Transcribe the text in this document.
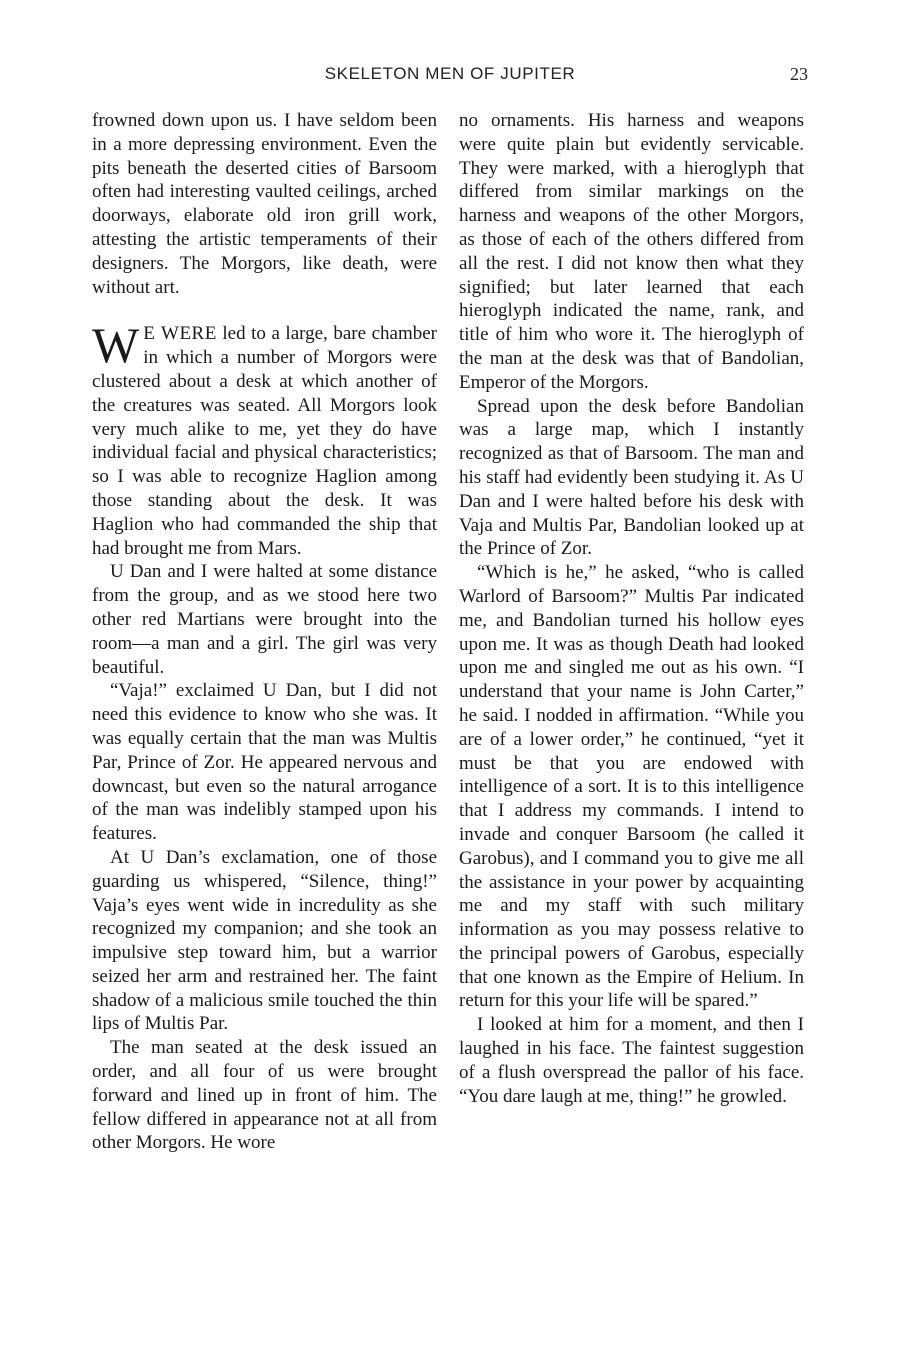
SKELETON MEN OF JUPITER	23

frowned down upon us. I have seldom been in a more depressing environment. Even the pits beneath the deserted cities of Barsoom often had interesting vaulted ceilings, arched doorways, elaborate old iron grill work, attesting the artistic temperaments of their designers. The Morgors, like death, were without art.

W E WERE led to a large, bare chamber in which a number of Morgors were clustered about a desk at which another of the creatures was seated. All Morgors look very much alike to me, yet they do have individual facial and physical characteristics; so I was able to recognize Haglion among those standing about the desk. It was Haglion who had commanded the ship that had brought me from Mars.

U Dan and I were halted at some distance from the group, and as we stood here two other red Martians were brought into the room—a man and a girl. The girl was very beautiful.

“Vaja!” exclaimed U Dan, but I did not need this evidence to know who she was. It was equally certain that the man was Multis Par, Prince of Zor. He appeared nervous and downcast, but even so the natural arrogance of the man was indelibly stamped upon his features.

At U Dan’s exclamation, one of those guarding us whispered, “Silence, thing!” Vaja’s eyes went wide in incredulity as she recognized my companion; and she took an impulsive step toward him, but a warrior seized her arm and restrained her. The faint shadow of a malicious smile touched the thin lips of Multis Par.

The man seated at the desk issued an order, and all four of us were brought forward and lined up in front of him. The fellow differed in appearance not at all from other Morgors. He wore

no ornaments. His harness and weapons were quite plain but evidently servicable. They were marked, with a hieroglyph that differed from similar markings on the harness and weapons of the other Morgors, as those of each of the others differed from all the rest. I did not know then what they signified; but later learned that each hieroglyph indicated the name, rank, and title of him who wore it. The hieroglyph of the man at the desk was that of Bandolian, Emperor of the Morgors.

Spread upon the desk before Bandolian was a large map, which I instantly recognized as that of Barsoom. The man and his staff had evidently been studying it. As U Dan and I were halted before his desk with Vaja and Multis Par, Bandolian looked up at the Prince of Zor.

“Which is he,” he asked, “who is called Warlord of Barsoom?” Multis Par indicated me, and Bandolian turned his hollow eyes upon me. It was as though Death had looked upon me and singled me out as his own. “I understand that your name is John Carter,” he said. I nodded in affirmation. “While you are of a lower order,” he continued, “yet it must be that you are endowed with intelligence of a sort. It is to this intelligence that I address my commands. I intend to invade and conquer Barsoom (he called it Garobus), and I command you to give me all the assistance in your power by acquainting me and my staff with such military information as you may possess relative to the principal powers of Garobus, especially that one known as the Empire of Helium. In return for this your life will be spared.”

I looked at him for a moment, and then I laughed in his face. The faintest suggestion of a flush overspread the pallor of his face. “You dare laugh at me, thing!” he growled.
